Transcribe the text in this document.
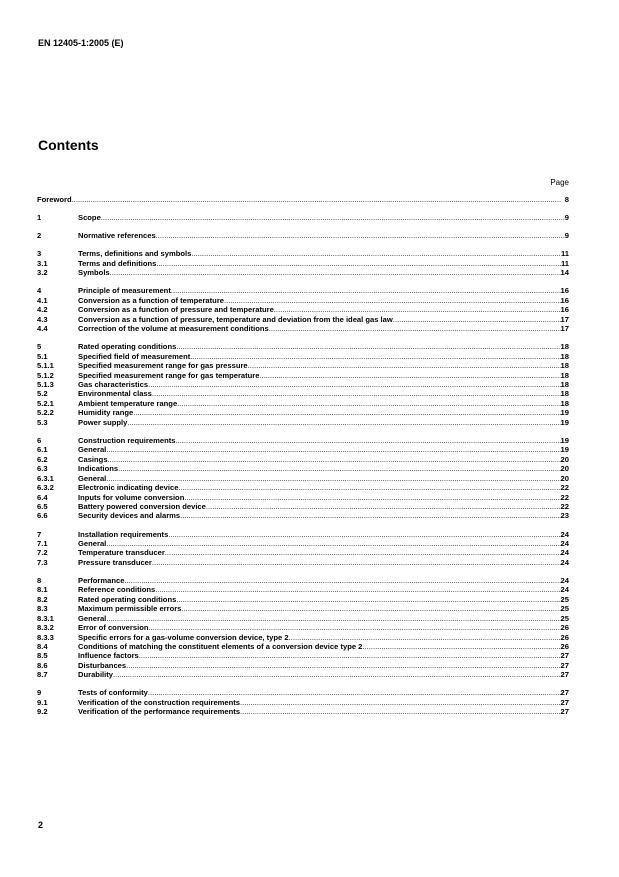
EN 12405-1:2005 (E)
Contents
Page
Foreword .....	8
1	Scope .....	9
2	Normative references .....	9
3	Terms, definitions and symbols .....	11
3.1	Terms and definitions .....	11
3.2	Symbols .....	14
4	Principle of measurement .....	16
4.1	Conversion as a function of temperature .....	16
4.2	Conversion as a function of pressure and temperature .....	16
4.3	Conversion as a function of pressure, temperature and deviation from the ideal gas law .....	17
4.4	Correction of the volume at measurement conditions .....	17
5	Rated operating conditions .....	18
5.1	Specified field of measurement .....	18
5.1.1	Specified measurement range for gas pressure .....	18
5.1.2	Specified measurement range for gas temperature .....	18
5.1.3	Gas characteristics .....	18
5.2	Environmental class .....	18
5.2.1	Ambient temperature range .....	18
5.2.2	Humidity range .....	19
5.3	Power supply .....	19
6	Construction requirements .....	19
6.1	General .....	19
6.2	Casings .....	20
6.3	Indications .....	20
6.3.1	General .....	20
6.3.2	Electronic indicating device .....	22
6.4	Inputs for volume conversion .....	22
6.5	Battery powered conversion device .....	22
6.6	Security devices and alarms .....	23
7	Installation requirements .....	24
7.1	General .....	24
7.2	Temperature transducer .....	24
7.3	Pressure transducer .....	24
8	Performance .....	24
8.1	Reference conditions .....	24
8.2	Rated operating conditions .....	25
8.3	Maximum permissible errors .....	25
8.3.1	General .....	25
8.3.2	Error of conversion .....	26
8.3.3	Specific errors for a gas-volume conversion device, type 2 .....	26
8.4	Conditions of matching the constituent elements of a conversion device type 2 .....	26
8.5	Influence factors .....	27
8.6	Disturbances .....	27
8.7	Durability .....	27
9	Tests of conformity .....	27
9.1	Verification of the construction requirements .....	27
9.2	Verification of the performance requirements .....	27
2
